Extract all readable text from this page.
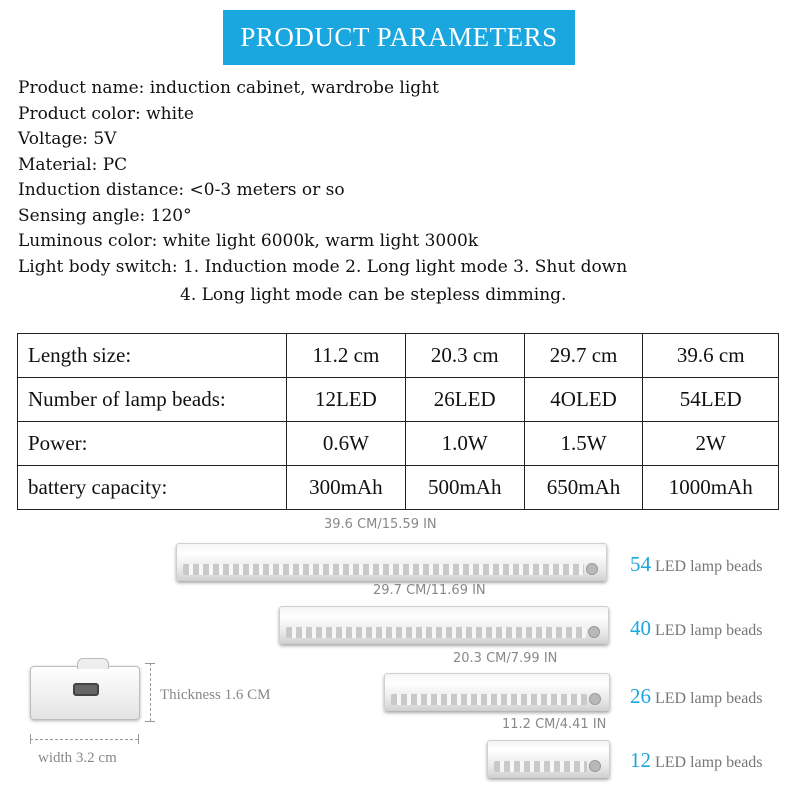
PRODUCT PARAMETERS
Product name: induction cabinet, wardrobe light
Product color: white
Voltage: 5V
Material: PC
Induction distance: <0-3 meters or so
Sensing angle: 120°
Luminous color: white light 6000k, warm light 3000k
Light body switch: 1. Induction mode 2. Long light mode 3. Shut down
4. Long light mode can be stepless dimming.
Length size:	11.2 cm	20.3 cm	29.7 cm	39.6 cm
Number of lamp beads:	12LED	26LED	4OLED	54LED
Power:	0.6W	1.0W	1.5W	2W
battery capacity:	300mAh	500mAh	650mAh	1000mAh
39.6 CM/15.59 IN
54 LED lamp beads
29.7 CM/11.69 IN
40 LED lamp beads
20.3 CM/7.99 IN
26 LED lamp beads
11.2 CM/4.41 IN
12 LED lamp beads
Thickness 1.6 CM
width 3.2 cm
